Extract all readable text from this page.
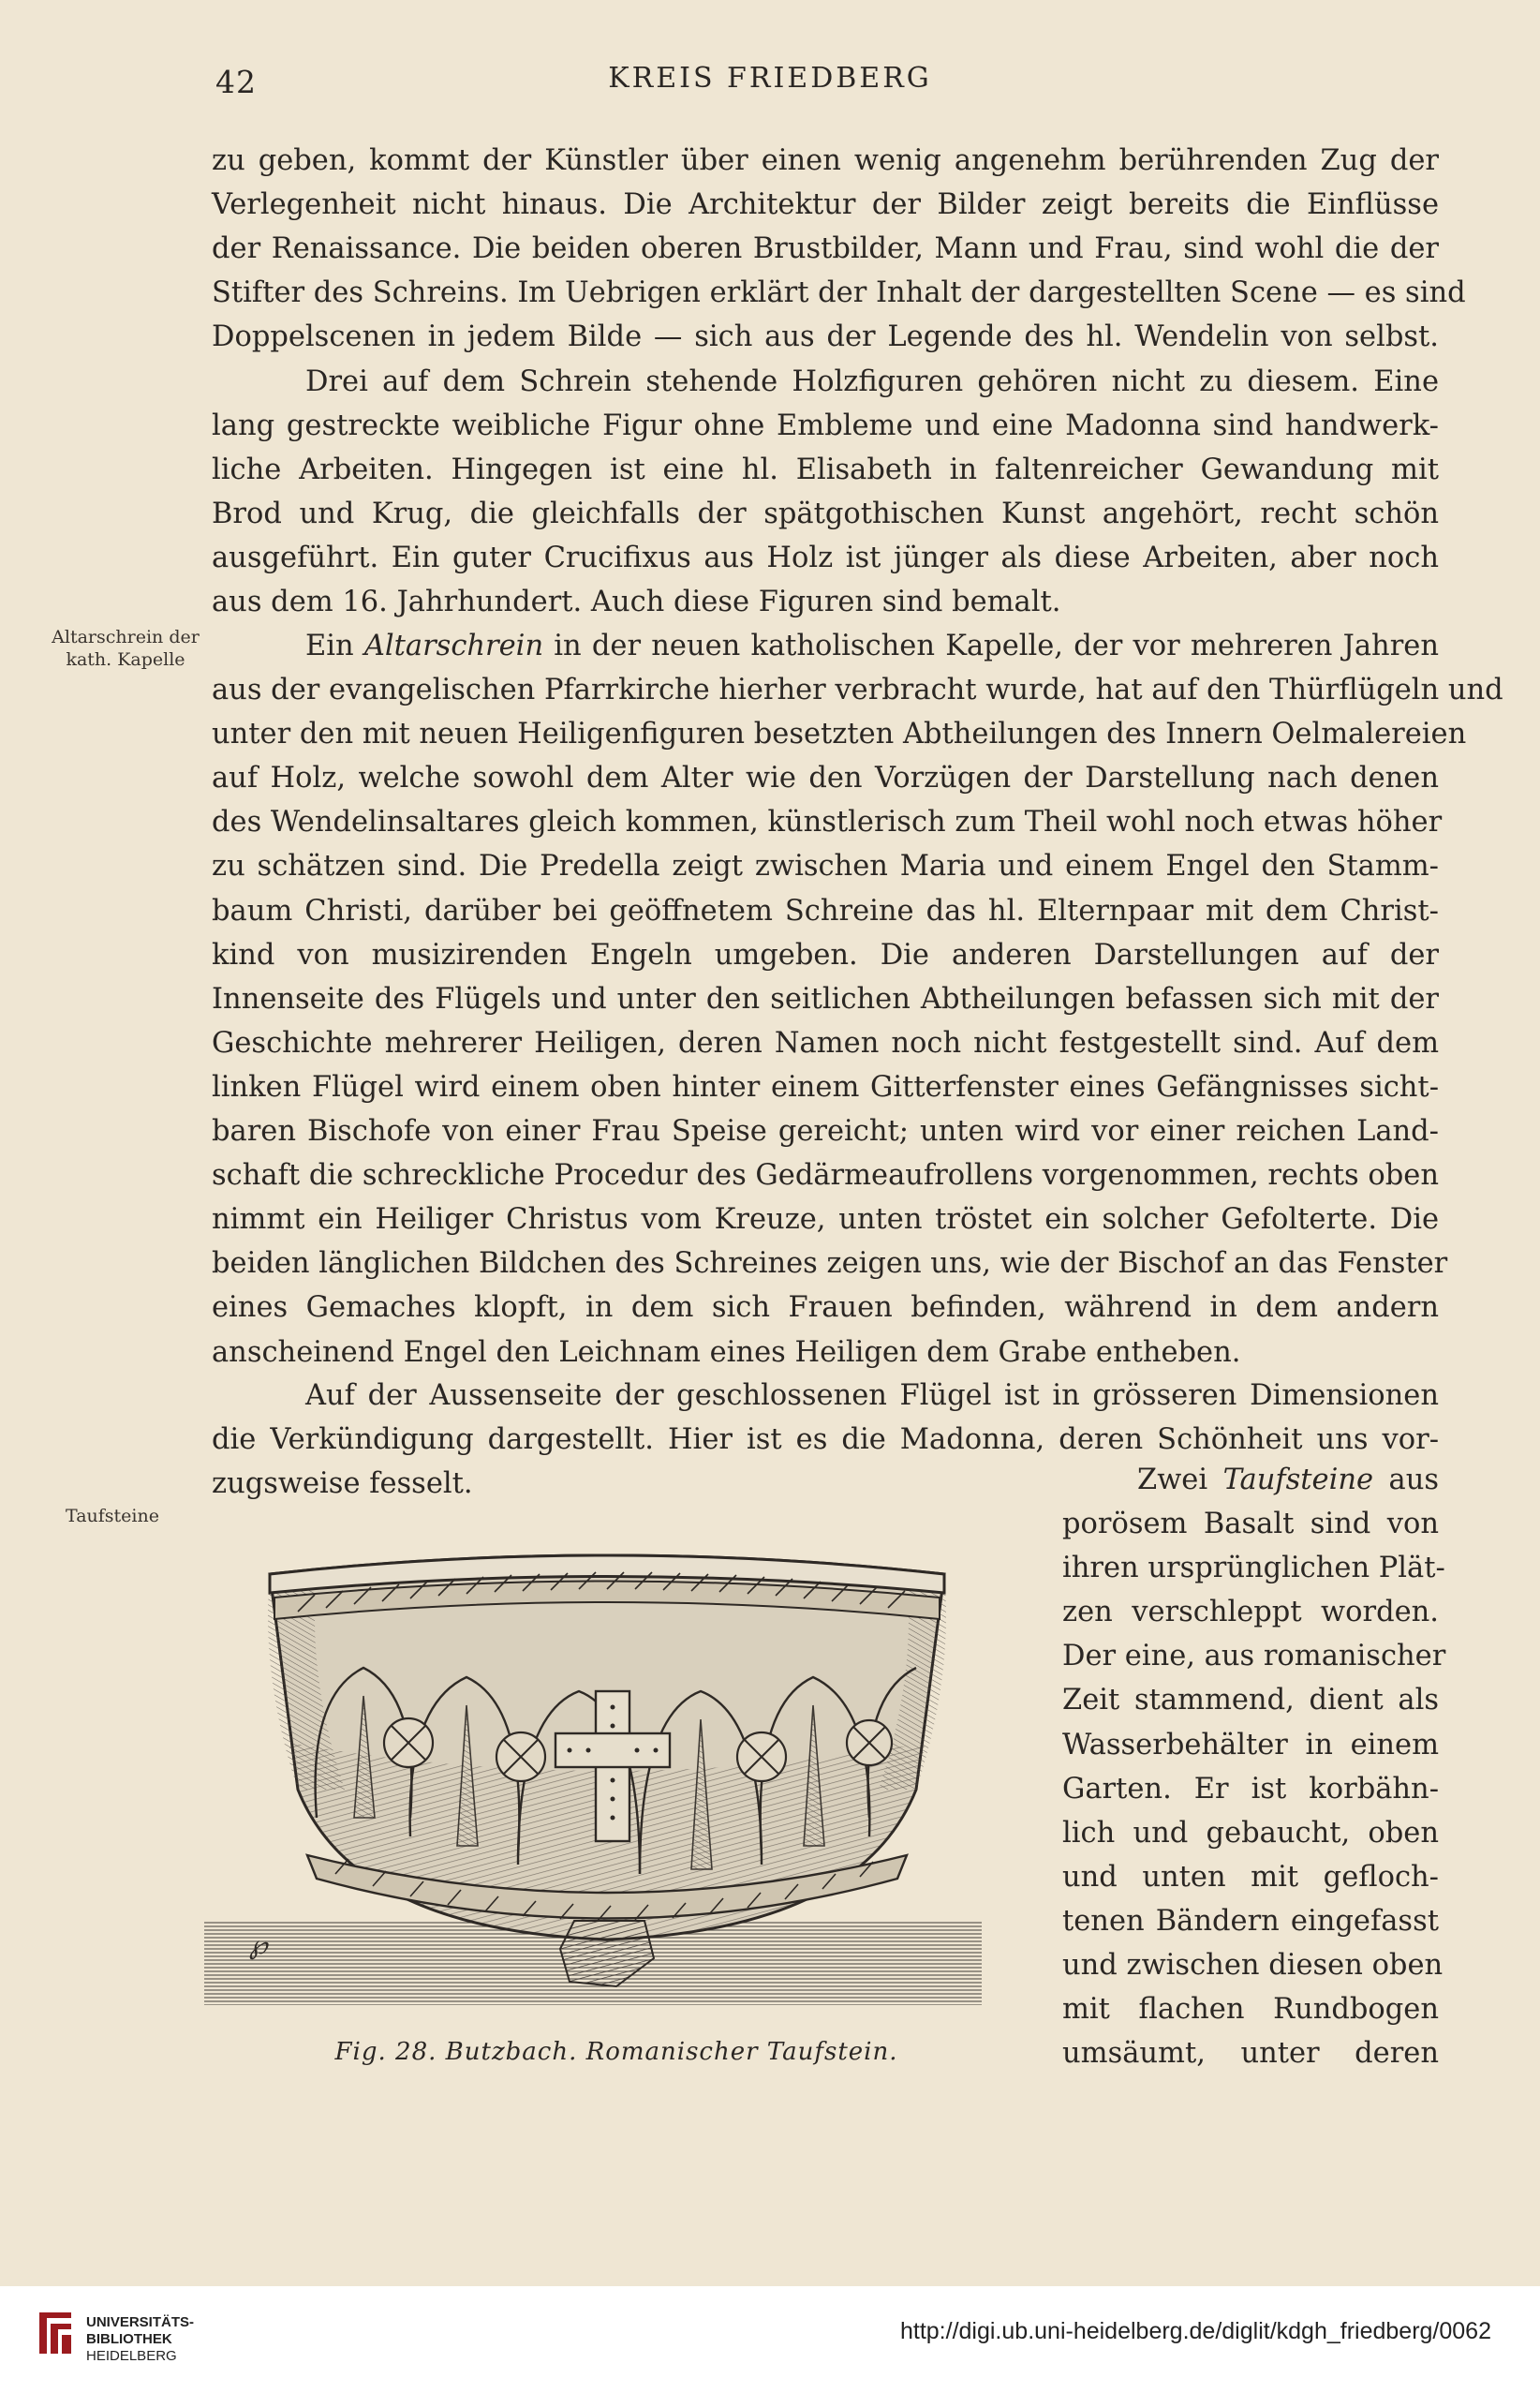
42	KREIS FRIEDBERG
Altarschrein der kath. Kapelle
Taufsteine
zu geben, kommt der Künstler über einen wenig angenehm berührenden Zug der
Verlegenheit nicht hinaus. Die Architektur der Bilder zeigt bereits die Einflüsse
der Renaissance. Die beiden oberen Brustbilder, Mann und Frau, sind wohl die der
Stifter des Schreins. Im Uebrigen erklärt der Inhalt der dargestellten Scene — es sind
Doppelscenen in jedem Bilde — sich aus der Legende des hl. Wendelin von selbst.
Drei auf dem Schrein stehende Holzfiguren gehören nicht zu diesem. Eine
lang gestreckte weibliche Figur ohne Embleme und eine Madonna sind handwerk-
liche Arbeiten. Hingegen ist eine hl. Elisabeth in faltenreicher Gewandung mit
Brod und Krug, die gleichfalls der spätgothischen Kunst angehört, recht schön
ausgeführt. Ein guter Crucifixus aus Holz ist jünger als diese Arbeiten, aber noch
aus dem 16. Jahrhundert. Auch diese Figuren sind bemalt.
Ein Altarschrein in der neuen katholischen Kapelle, der vor mehreren Jahren
aus der evangelischen Pfarrkirche hierher verbracht wurde, hat auf den Thürflügeln und
unter den mit neuen Heiligenfiguren besetzten Abtheilungen des Innern Oelmalereien
auf Holz, welche sowohl dem Alter wie den Vorzügen der Darstellung nach denen
des Wendelinsaltares gleich kommen, künstlerisch zum Theil wohl noch etwas höher
zu schätzen sind. Die Predella zeigt zwischen Maria und einem Engel den Stamm-
baum Christi, darüber bei geöffnetem Schreine das hl. Elternpaar mit dem Christ-
kind von musizirenden Engeln umgeben. Die anderen Darstellungen auf der
Innenseite des Flügels und unter den seitlichen Abtheilungen befassen sich mit der
Geschichte mehrerer Heiligen, deren Namen noch nicht festgestellt sind. Auf dem
linken Flügel wird einem oben hinter einem Gitterfenster eines Gefängnisses sicht-
baren Bischofe von einer Frau Speise gereicht; unten wird vor einer reichen Land-
schaft die schreckliche Procedur des Gedärmeaufrollens vorgenommen, rechts oben
nimmt ein Heiliger Christus vom Kreuze, unten tröstet ein solcher Gefolterte. Die
beiden länglichen Bildchen des Schreines zeigen uns, wie der Bischof an das Fenster
eines Gemaches klopft, in dem sich Frauen befinden, während in dem andern
anscheinend Engel den Leichnam eines Heiligen dem Grabe entheben.
Auf der Aussenseite der geschlossenen Flügel ist in grösseren Dimensionen
die Verkündigung dargestellt. Hier ist es die Madonna, deren Schönheit uns vor-
zugsweise fesselt.	Zwei Taufsteine aus
porösem Basalt sind von
ihren ursprünglichen Plät-
zen verschleppt worden.
Der eine, aus romanischer
Zeit stammend, dient als
Wasserbehälter in einem
Garten. Er ist korbähn-
lich und gebaucht, oben
und unten mit gefloch-
tenen Bändern eingefasst
und zwischen diesen oben
mit flachen Rundbogen
umsäumt, unter deren
℘
Fig. 28. Butzbach. Romanischer Taufstein.
UNIVERSITÄTS-
BIBLIOTHEK
HEIDELBERG
http://digi.ub.uni-heidelberg.de/diglit/kdgh_friedberg/0062
